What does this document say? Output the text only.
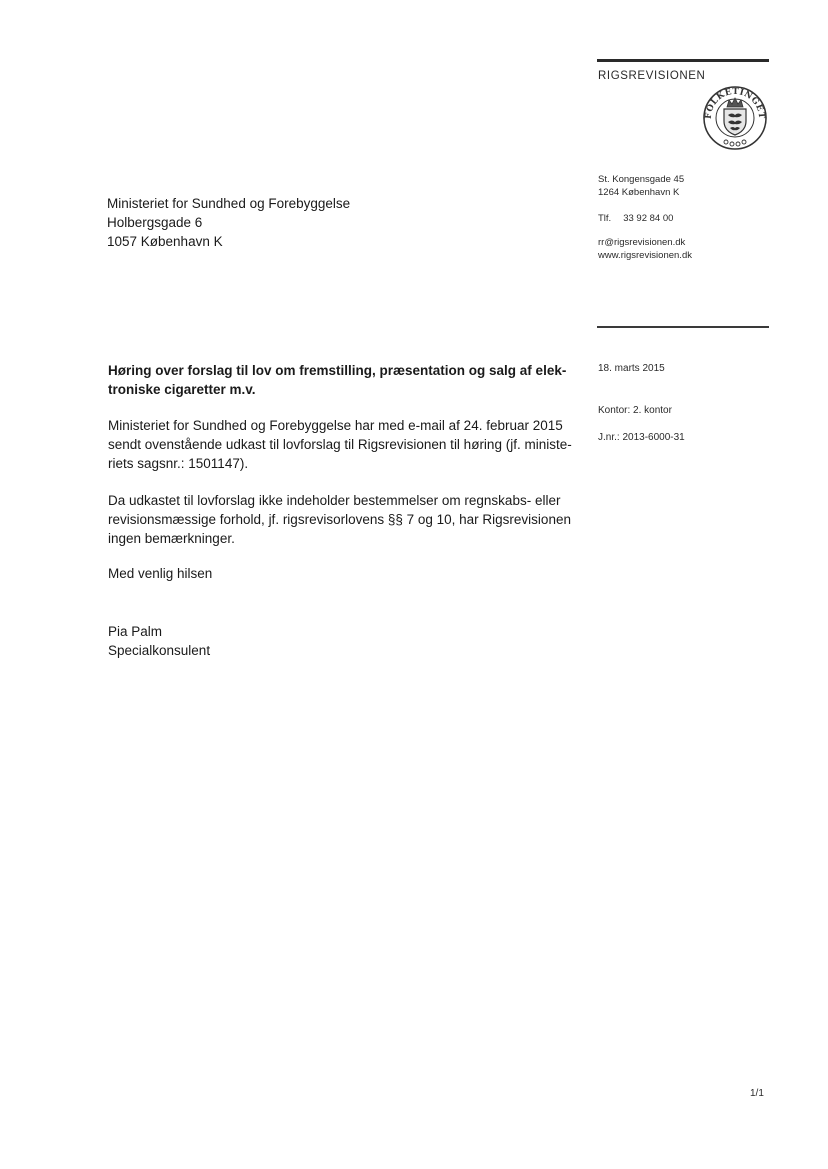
RIGSREVISIONEN
FOLKETINGET
St. Kongensgade 45
1264 København K
Tlf. 33 92 84 00
rr@rigsrevisionen.dk
www.rigsrevisionen.dk
Ministeriet for Sundhed og Forebyggelse
Holbergsgade 6
1057 København K
18. marts 2015
Kontor: 2. kontor
J.nr.: 2013-6000-31
Høring over forslag til lov om fremstilling, præsentation og salg af elek-
troniske cigaretter m.v.
Ministeriet for Sundhed og Forebyggelse har med e-mail af 24. februar 2015
sendt ovenstående udkast til lovforslag til Rigsrevisionen til høring (jf. ministe-
riets sagsnr.: 1501147).
Da udkastet til lovforslag ikke indeholder bestemmelser om regnskabs- eller
revisionsmæssige forhold, jf. rigsrevisorlovens §§ 7 og 10, har Rigsrevisionen
ingen bemærkninger.
Med venlig hilsen
Pia Palm
Specialkonsulent
1/1
